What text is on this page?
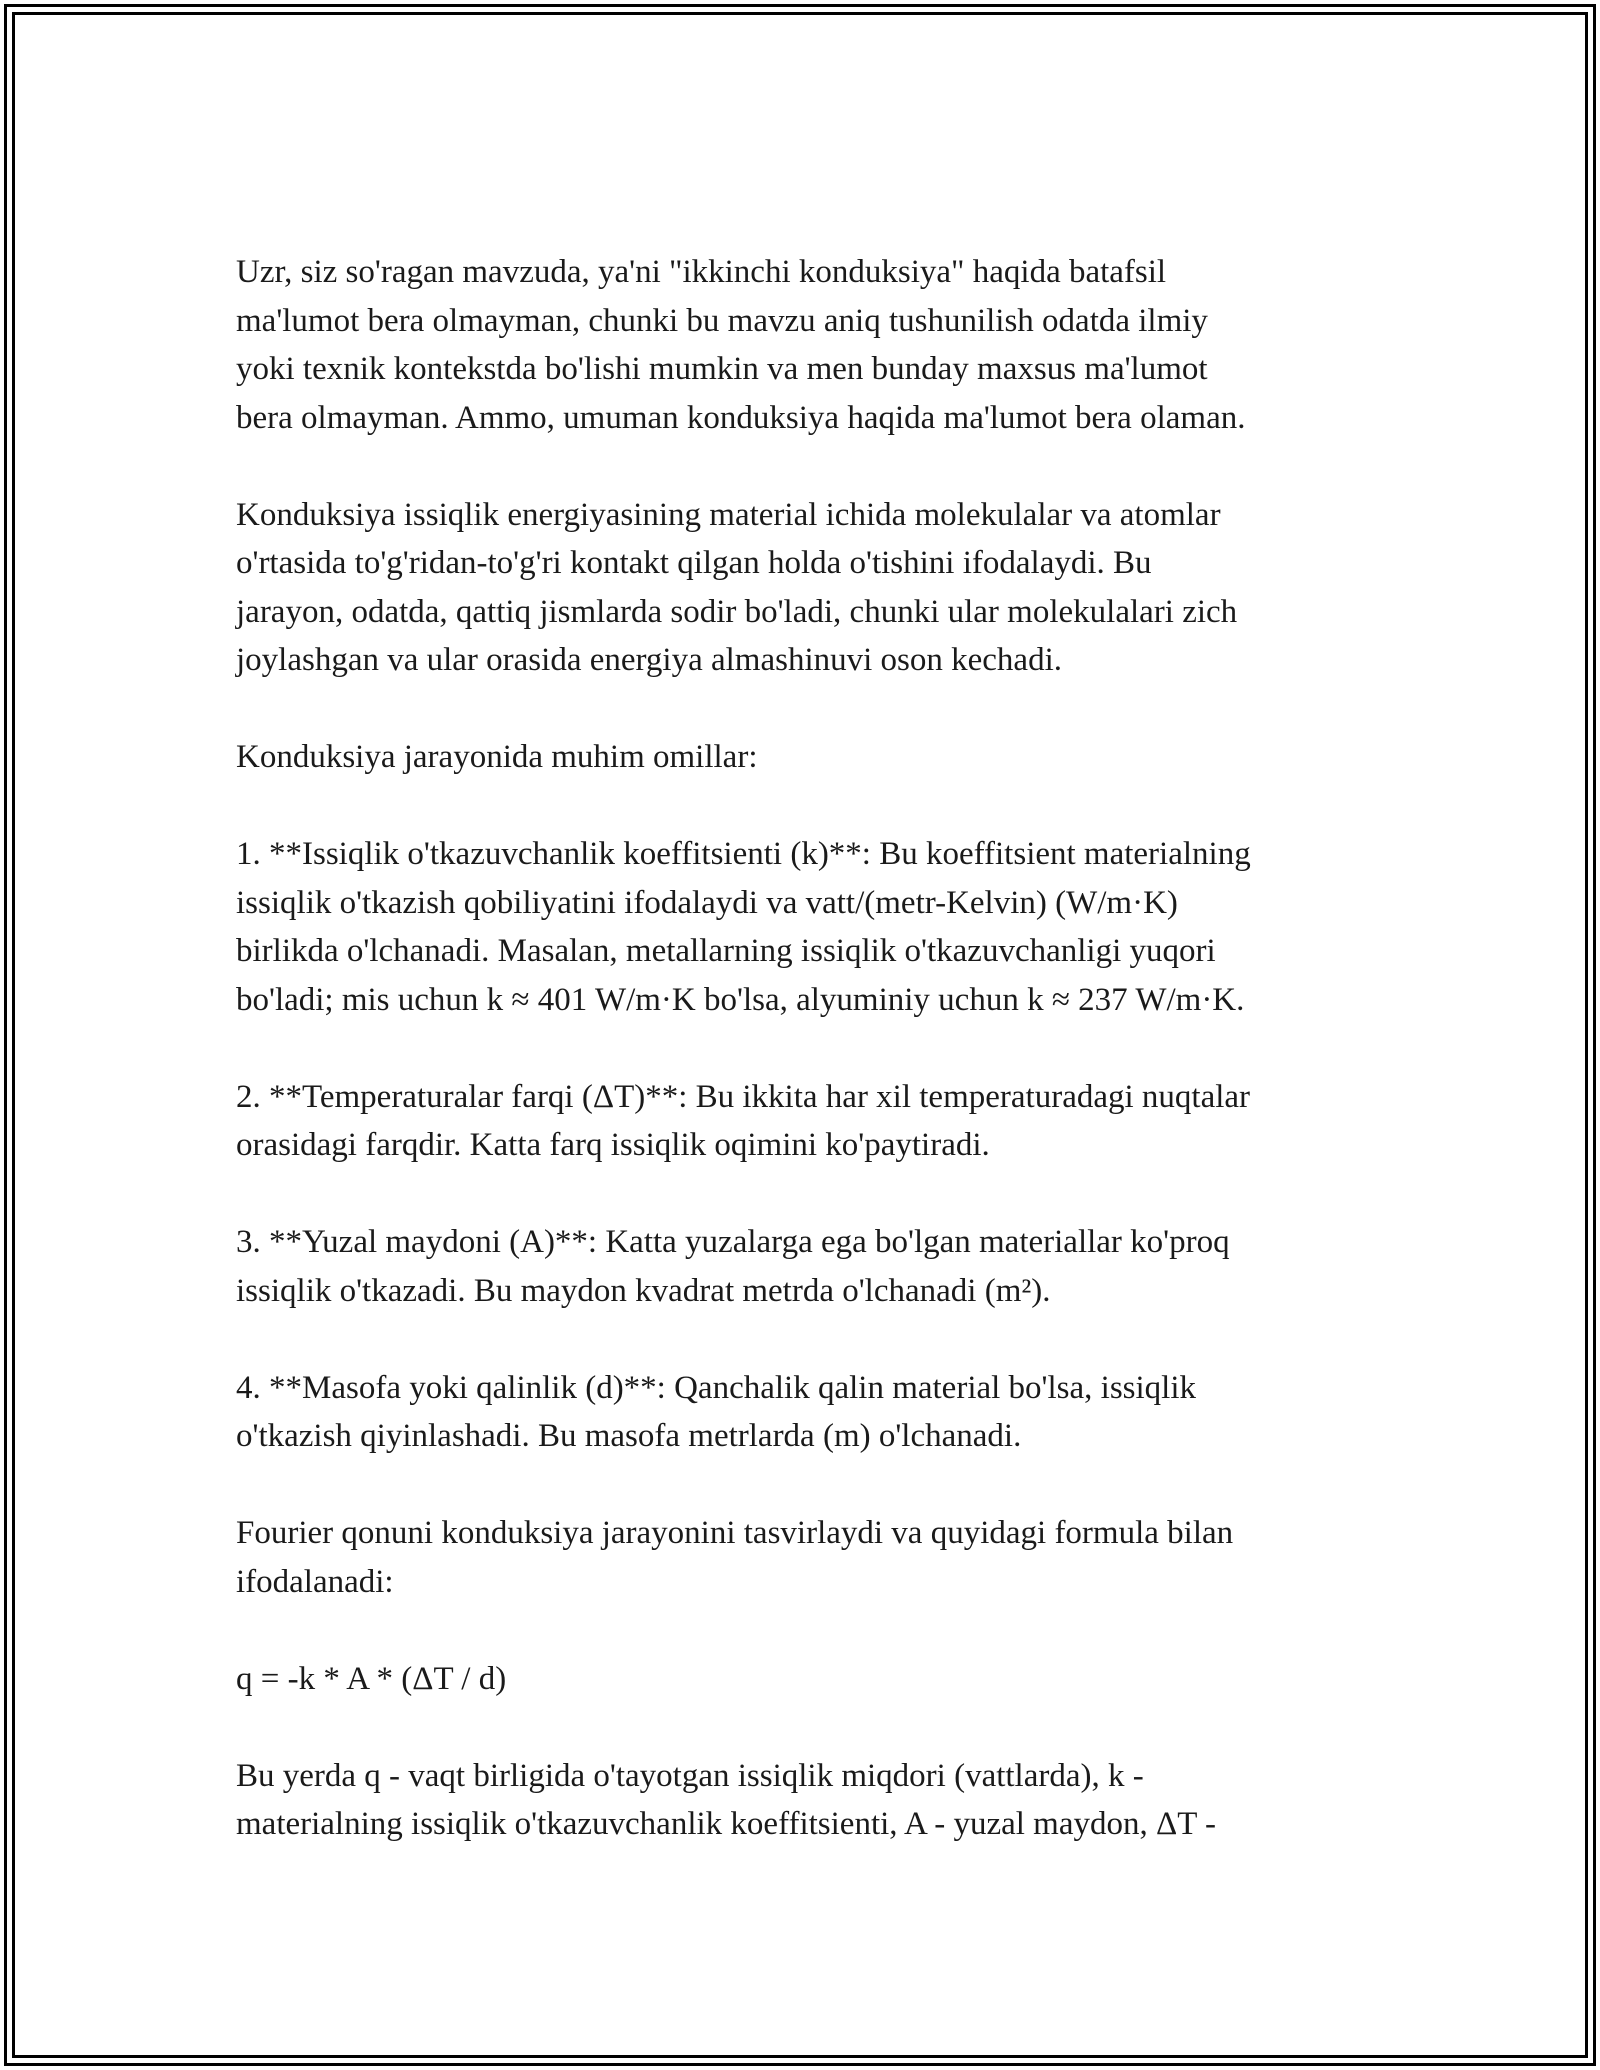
Uzr, siz so'ragan mavzuda, ya'ni "ikkinchi konduksiya" haqida batafsil
ma'lumot bera olmayman, chunki bu mavzu aniq tushunilish odatda ilmiy
yoki texnik kontekstda bo'lishi mumkin va men bunday maxsus ma'lumot
bera olmayman. Ammo, umuman konduksiya haqida ma'lumot bera olaman.

Konduksiya issiqlik energiyasining material ichida molekulalar va atomlar
o'rtasida to'g'ridan-to'g'ri kontakt qilgan holda o'tishini ifodalaydi. Bu
jarayon, odatda, qattiq jismlarda sodir bo'ladi, chunki ular molekulalari zich
joylashgan va ular orasida energiya almashinuvi oson kechadi.

Konduksiya jarayonida muhim omillar:

1. **Issiqlik o'tkazuvchanlik koeffitsienti (k)**: Bu koeffitsient materialning
issiqlik o'tkazish qobiliyatini ifodalaydi va vatt/(metr-Kelvin) (W/m·K)
birlikda o'lchanadi. Masalan, metallarning issiqlik o'tkazuvchanligi yuqori
bo'ladi; mis uchun k ≈ 401 W/m·K bo'lsa, alyuminiy uchun k ≈ 237 W/m·K.

2. **Temperaturalar farqi (ΔT)**: Bu ikkita har xil temperaturadagi nuqtalar
orasidagi farqdir. Katta farq issiqlik oqimini ko'paytiradi.

3. **Yuzal maydoni (A)**: Katta yuzalarga ega bo'lgan materiallar ko'proq
issiqlik o'tkazadi. Bu maydon kvadrat metrda o'lchanadi (m²).

4. **Masofa yoki qalinlik (d)**: Qanchalik qalin material bo'lsa, issiqlik
o'tkazish qiyinlashadi. Bu masofa metrlarda (m) o'lchanadi.

Fourier qonuni konduksiya jarayonini tasvirlaydi va quyidagi formula bilan
ifodalanadi:

q = -k * A * (ΔT / d)

Bu yerda q - vaqt birligida o'tayotgan issiqlik miqdori (vattlarda), k -
materialning issiqlik o'tkazuvchanlik koeffitsienti, A - yuzal maydon, ΔT -
